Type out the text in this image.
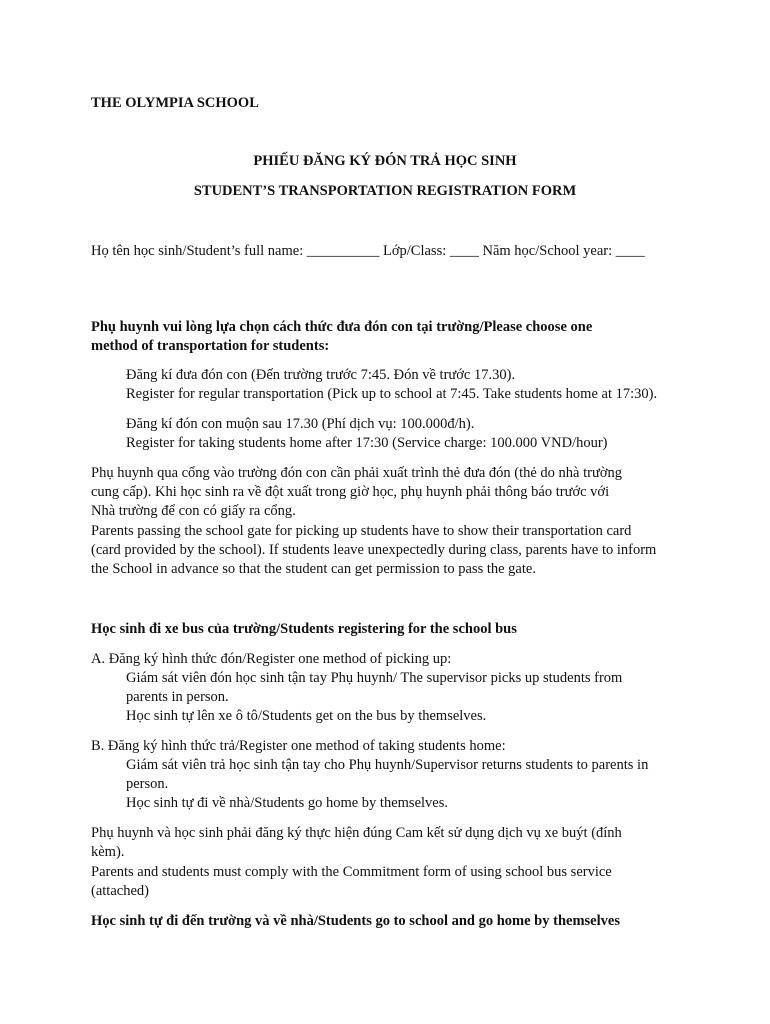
THE OLYMPIA SCHOOL
PHIẾU ĐĂNG KÝ ĐÓN TRẢ HỌC SINH
STUDENT’S TRANSPORTATION REGISTRATION FORM
Họ tên học sinh/Student’s full name: __________ Lớp/Class: ____ Năm học/School year: ____
Phụ huynh vui lòng lựa chọn cách thức đưa đón con tại trường/Please choose one
method of transportation for students:
Đăng kí đưa đón con (Đến trường trước 7:45. Đón về trước 17.30).
Register for regular transportation (Pick up to school at 7:45. Take students home at 17:30).
Đăng kí đón con muộn sau 17.30 (Phí dịch vụ: 100.000đ/h).
Register for taking students home after 17:30 (Service charge: 100.000 VND/hour)
Phụ huynh qua cổng vào trường đón con cần phải xuất trình thẻ đưa đón (thẻ do nhà trường
cung cấp). Khi học sinh ra về đột xuất trong giờ học, phụ huynh phải thông báo trước với
Nhà trường để con có giấy ra cổng.
Parents passing the school gate for picking up students have to show their transportation card
(card provided by the school). If students leave unexpectedly during class, parents have to inform
the School in advance so that the student can get permission to pass the gate.
Học sinh đi xe bus của trường/Students registering for the school bus
A. Đăng ký hình thức đón/Register one method of picking up:
Giám sát viên đón học sinh tận tay Phụ huynh/ The supervisor picks up students from
parents in person.
Học sinh tự lên xe ô tô/Students get on the bus by themselves.
B. Đăng ký hình thức trả/Register one method of taking students home:
Giám sát viên trả học sinh tận tay cho Phụ huynh/Supervisor returns students to parents in
person.
Học sinh tự đi về nhà/Students go home by themselves.
Phụ huynh và học sinh phải đăng ký thực hiện đúng Cam kết sử dụng dịch vụ xe buýt (đính
kèm).
Parents and students must comply with the Commitment form of using school bus service
(attached)
Học sinh tự đi đến trường và về nhà/Students go to school and go home by themselves
